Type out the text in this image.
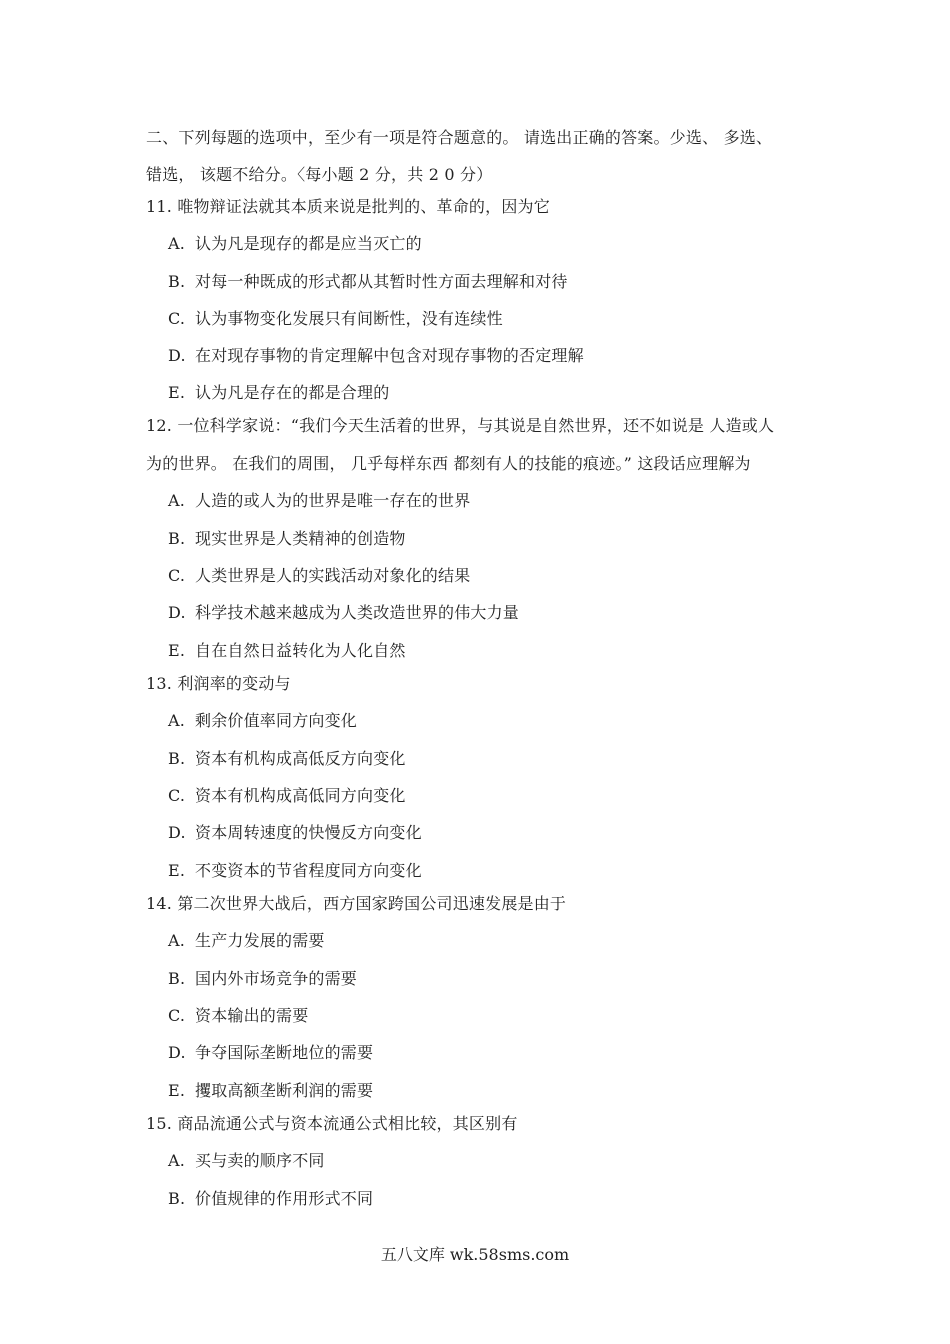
二、下列每题的选项中，至少有一项是符合题意的。 请选出正确的答案。少选、 多选、
错选， 该题不给分。〈每小题 2 分，共 2 0 分）
11. 唯物辩证法就其本质来说是批判的、革命的，因为它
A. 认为凡是现存的都是应当灭亡的
B. 对每一种既成的形式都从其暂时性方面去理解和对待
C. 认为事物变化发展只有间断性，没有连续性
D. 在对现存事物的肯定理解中包含对现存事物的否定理解
E. 认为凡是存在的都是合理的
12. 一位科学家说：“我们今天生活着的世界，与其说是自然世界，还不如说是 人造或人
为的世界。 在我们的周围， 几乎每样东西 都刻有人的技能的痕迹。” 这段话应理解为
A. 人造的或人为的世界是唯一存在的世界
B. 现实世界是人类精神的创造物
C. 人类世界是人的实践活动对象化的结果
D. 科学技术越来越成为人类改造世界的伟大力量
E. 自在自然日益转化为人化自然
13. 利润率的变动与
A. 剩余价值率同方向变化
B. 资本有机构成高低反方向变化
C. 资本有机构成高低同方向变化
D. 资本周转速度的快慢反方向变化
E. 不变资本的节省程度同方向变化
14. 第二次世界大战后，西方国家跨国公司迅速发展是由于
A. 生产力发展的需要
B. 国内外市场竞争的需要
C. 资本输出的需要
D. 争夺国际垄断地位的需要
E. 攫取高额垄断利润的需要
15. 商品流通公式与资本流通公式相比较，其区别有
A. 买与卖的顺序不同
B. 价值规律的作用形式不同
五八文库 wk.58sms.com
